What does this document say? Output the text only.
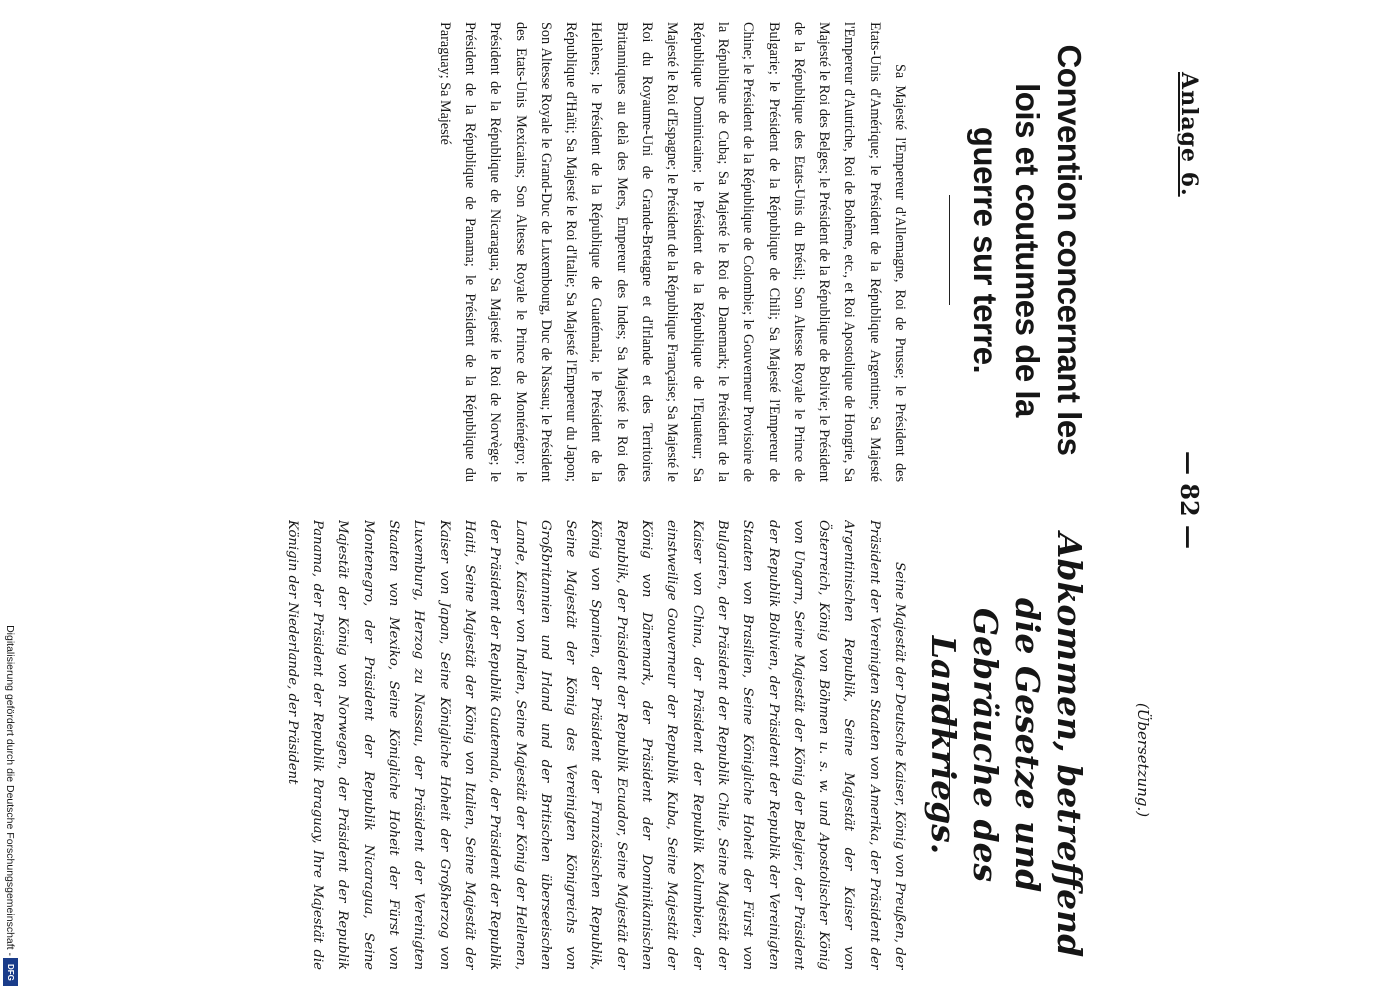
Anlage 6.
— 82 —
(Übersetzung.)
Convention concernant les lois et coutumes de la guerre sur terre.
Abkommen, betreffend die Gesetze und Gebräuche des Landkriegs.

Sa Majesté l'Empereur d'Allemagne, Roi de Prusse; le Président des Etats-Unis d'Amérique; le Président de la République Argentine; Sa Majesté l'Empereur d'Autriche, Roi de Bohême, etc., et Roi Apostolique de Hongrie, Sa Majesté le Roi des Belges; le Président de la République de Bolivie; le Président de la République des Etats-Unis du Brésil; Son Altesse Royale le Prince de Bulgarie; le Président de la République de Chili; Sa Majesté l'Empereur de Chine; le Président de la République de Colombie; le Gouverneur Provisoire de la République de Cuba; Sa Majesté le Roi de Danemark; le Président de la République Dominicaine; le Président de la République de l'Equateur; Sa Majesté le Roi d'Espagne; le Président de la République Française; Sa Majesté le Roi du Royaume-Uni de Grande-Bretagne et d'Irlande et des Territoires Britanniques au delà des Mers, Empereur des Indes; Sa Majesté le Roi des Hellènes; le Président de la République de Guatémala; le Président de la République d'Haïti; Sa Majesté le Roi d'Italie; Sa Majesté l'Empereur du Japon; Son Altesse Royale le Grand-Duc de Luxembourg, Duc de Nassau; le Président des Etats-Unis Mexicains; Son Altesse Royale le Prince de Monténégro; le Président de la République de Nicaragua; Sa Majesté le Roi de Norvège; le Président de la République de Panama; le Président de la République du Paraguay; Sa Majesté

Seine Majestät der Deutsche Kaiser, König von Preußen, der Präsident der Vereinigten Staaten von Amerika, der Präsident der Argentinischen Republik, Seine Majestät der Kaiser von Österreich, König von Böhmen u. s. w. und Apostolischer König von Ungarn, Seine Majestät der König der Belgier, der Präsident der Republik Bolivien, der Präsident der Republik der Vereinigten Staaten von Brasilien, Seine Königliche Hoheit der Fürst von Bulgarien, der Präsident der Republik Chile, Seine Majestät der Kaiser von China, der Präsident der Republik Kolumbien, der einstweilige Gouverneur der Republik Kuba, Seine Majestät der König von Dänemark, der Präsident der Dominikanischen Republik, der Präsident der Republik Ecuador, Seine Majestät der König von Spanien, der Präsident der Französischen Republik, Seine Majestät der König des Vereinigten Königreichs von Großbritannien und Irland und der Britischen überseeischen Lande, Kaiser von Indien, Seine Majestät der König der Hellenen, der Präsident der Republik Guatemala, der Präsident der Republik Haiti, Seine Majestät der König von Italien, Seine Majestät der Kaiser von Japan, Seine Königliche Hoheit der Großherzog von Luxemburg, Herzog zu Nassau, der Präsident der Vereinigten Staaten von Mexiko, Seine Königliche Hoheit der Fürst von Montenegro, der Präsident der Republik Nicaragua, Seine Majestät der König von Norwegen, der Präsident der Republik Panama, der Präsident der Republik Paraguay, Ihre Majestät die Königin der Niederlande, der Präsident

Digitalisierung gefördert durch die Deutsche Forschungsgemeinschaft -
DFG
